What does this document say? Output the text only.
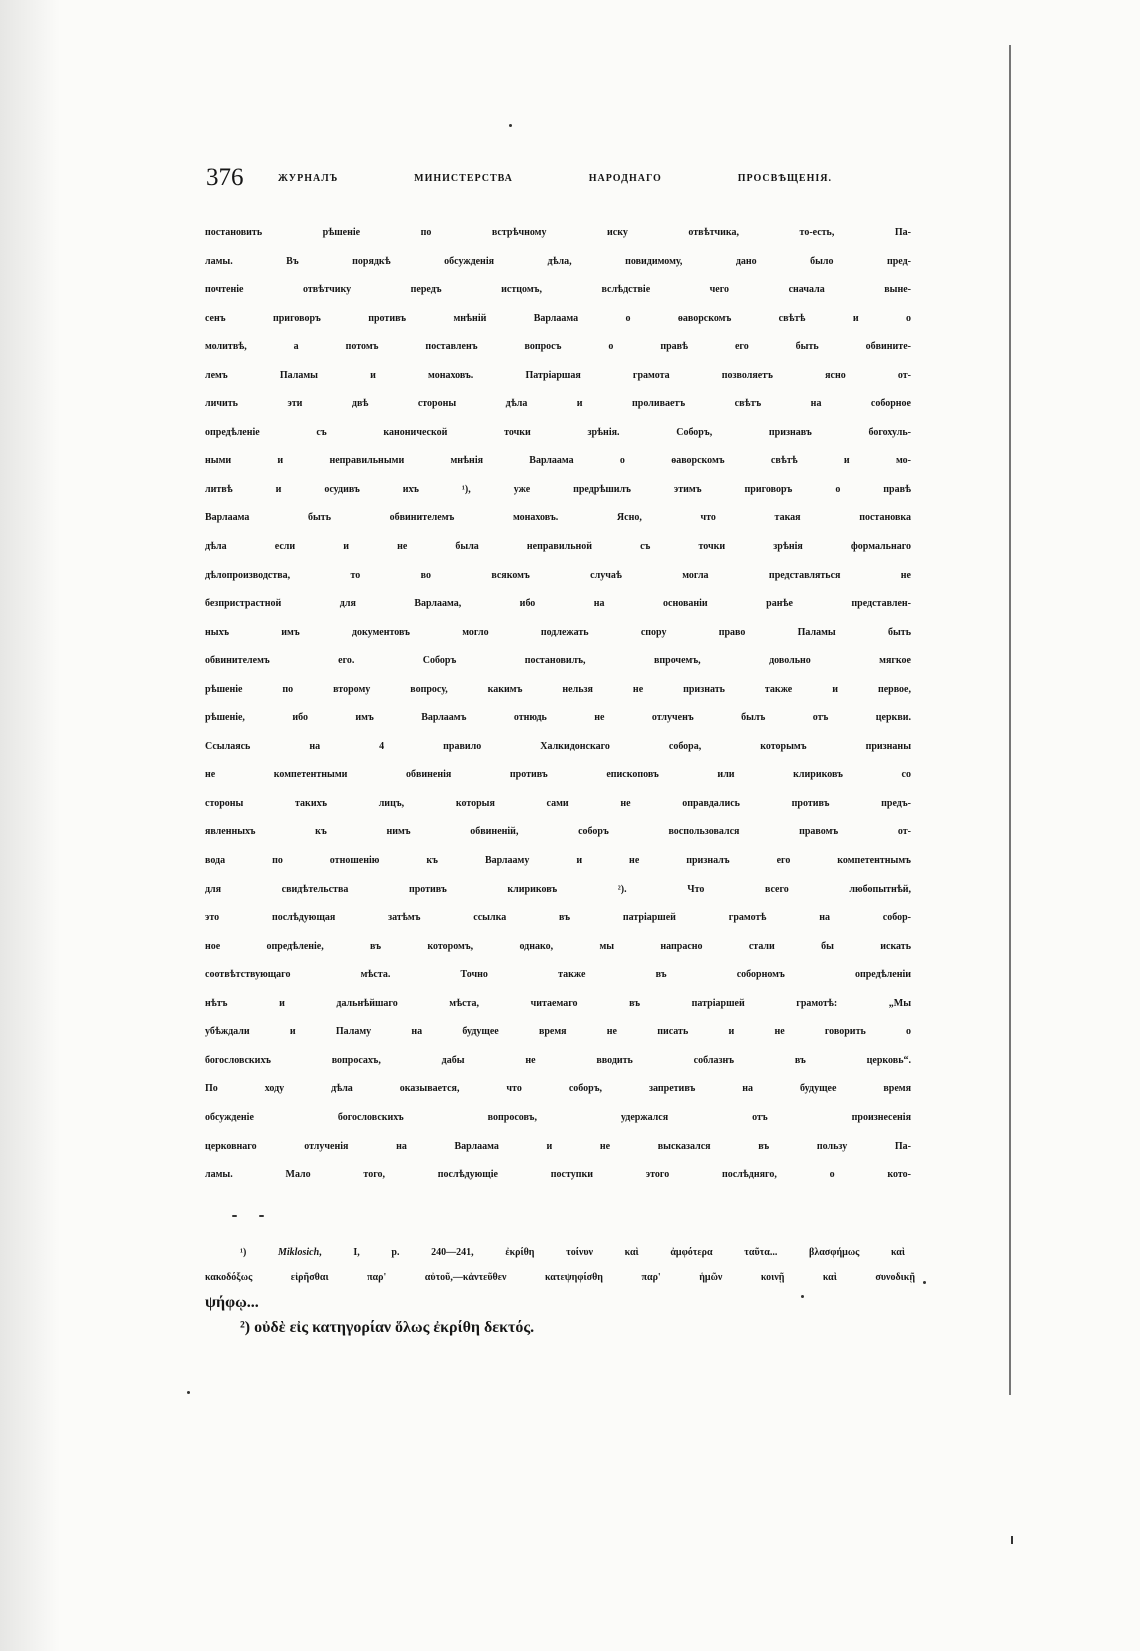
376	ЖУРНАЛЪ МИНИСТЕРСТВА НАРОДНАГО ПРОСВѢЩЕНІЯ.
постановить рѣшеніе по встрѣчному иску отвѣтчика, то-есть, Па-
ламы. Въ порядкѣ обсужденія дѣла, повидимому, дано было пред-
почтеніе отвѣтчику передъ истцомъ, вслѣдствіе чего сначала выне-
сенъ приговоръ противъ мнѣній Варлаама о ѳаворскомъ свѣтѣ и о
молитвѣ, а потомъ поставленъ вопросъ о правѣ его быть обвините-
лемъ Паламы и монаховъ. Патріаршая грамота позволяетъ ясно от-
личить эти двѣ стороны дѣла и проливаетъ свѣтъ на соборное
опредѣленіе съ канонической точки зрѣнія. Соборъ, признавъ богохуль-
ными и неправильными мнѣнія Варлаама о ѳаворскомъ свѣтѣ и мо-
литвѣ и осудивъ ихъ ¹), уже предрѣшилъ этимъ приговоръ о правѣ
Варлаама быть обвинителемъ монаховъ. Ясно, что такая постановка
дѣла если и не была неправильной съ точки зрѣнія формальнаго
дѣлопроизводства, то во всякомъ случаѣ могла представляться не
безпристрастной для Варлаама, ибо на основаніи ранѣе представлен-
ныхъ имъ документовъ могло подлежать спору право Паламы быть
обвинителемъ его. Соборъ постановилъ, впрочемъ, довольно мягкое
рѣшеніе по второму вопросу, какимъ нельзя не признать также и первое,
рѣшеніе, ибо имъ Варлаамъ отнюдь не отлученъ былъ отъ церкви.
Ссылаясь на 4 правило Халкидонскаго собора, которымъ признаны
не компетентными обвиненія противъ епископовъ или клириковъ со
стороны такихъ лицъ, которыя сами не оправдались противъ предъ-
явленныхъ къ нимъ обвиненій, соборъ воспользовался правомъ от-
вода по отношенію къ Варлааму и не призналъ его компетентнымъ
для свидѣтельства противъ клириковъ ²). Что всего любопытнѣй,
это послѣдующая затѣмъ ссылка въ патріаршей грамотѣ на собор-
ное опредѣленіе, въ которомъ, однако, мы напрасно стали бы искать
соотвѣтствующаго мѣста. Точно также въ соборномъ опредѣленіи
нѣтъ и дальнѣйшаго мѣста, читаемаго въ патріаршей грамотѣ: „Мы
убѣждали и Паламу на будущее время не писать и не говорить о
богословскихъ вопросахъ, дабы не вводить соблазнъ въ церковь“.
По ходу дѣла оказывается, что соборъ, запретивъ на будущее время
обсужденіе богословскихъ вопросовъ, удержался отъ произнесенія
церковнаго отлученія на Варлаама и не высказался въ пользу Па-
ламы. Мало того, послѣдующіе поступки этого послѣдняго, о кото-
¹)	Miklosich, I, p. 240—241, ἐκρίθη τοίνυν καὶ ἀμφότερα ταῦτα... βλασφήμως καὶ
κακοδόξως εἰρῆσθαι παρ' αὐτοῦ,—κἀντεῦθεν κατεψηφίσθη παρ' ἡμῶν κοινῇ καὶ συνοδικῇ
ψήφῳ...
²) οὐδὲ εἰς κατηγορίαν ὅλως ἐκρίθη δεκτός.
